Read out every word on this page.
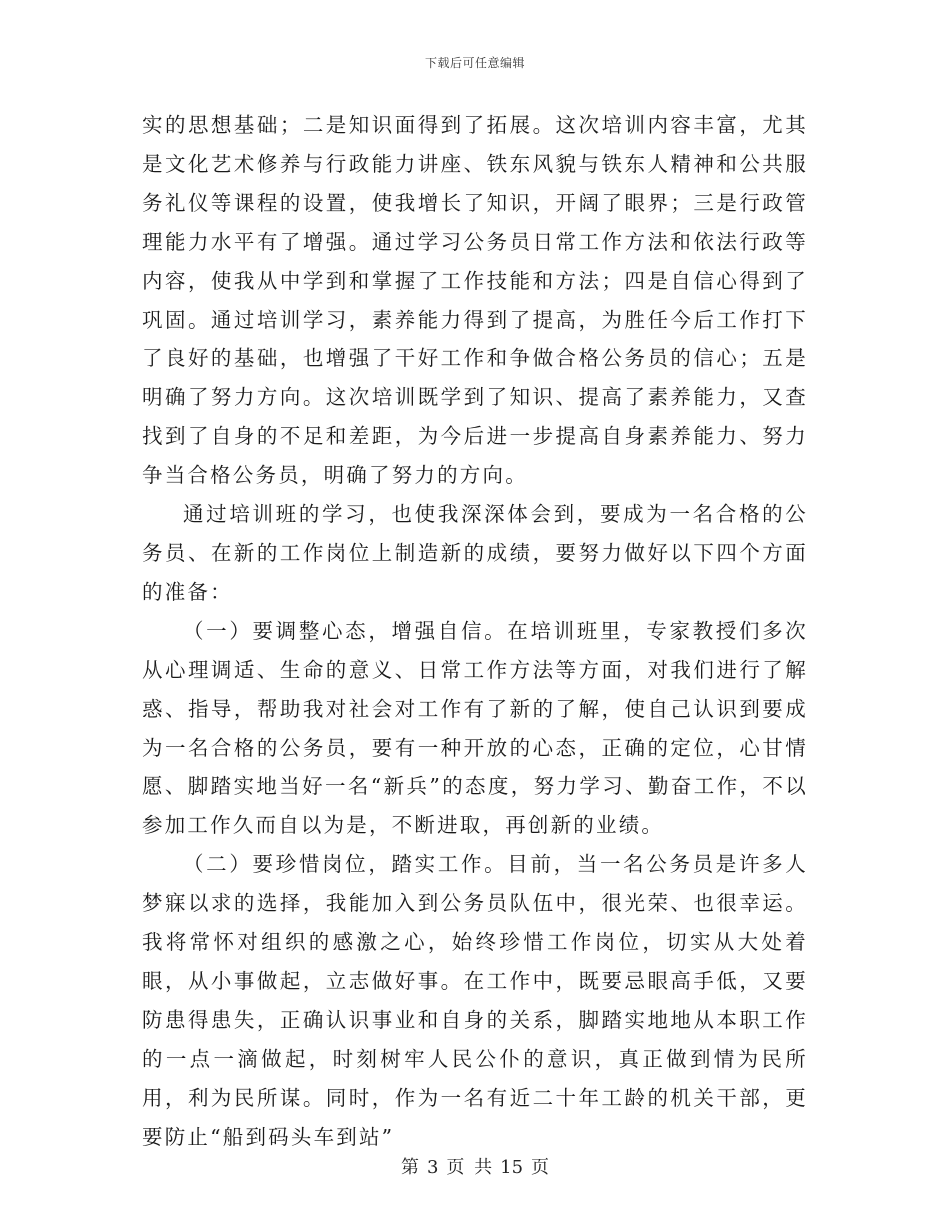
下载后可任意编辑

实的思想基础；二是知识面得到了拓展。这次培训内容丰富，尤其是文化艺术修养与行政能力讲座、铁东风貌与铁东人精神和公共服务礼仪等课程的设置，使我增长了知识，开阔了眼界；三是行政管理能力水平有了增强。通过学习公务员日常工作方法和依法行政等内容，使我从中学到和掌握了工作技能和方法；四是自信心得到了巩固。通过培训学习，素养能力得到了提高，为胜任今后工作打下了良好的基础，也增强了干好工作和争做合格公务员的信心；五是明确了努力方向。这次培训既学到了知识、提高了素养能力，又查找到了自身的不足和差距，为今后进一步提高自身素养能力、努力争当合格公务员，明确了努力的方向。

通过培训班的学习，也使我深深体会到，要成为一名合格的公务员、在新的工作岗位上制造新的成绩，要努力做好以下四个方面的准备：

（一）要调整心态，增强自信。在培训班里，专家教授们多次从心理调适、生命的意义、日常工作方法等方面，对我们进行了解惑、指导，帮助我对社会对工作有了新的了解，使自己认识到要成为一名合格的公务员，要有一种开放的心态，正确的定位，心甘情愿、脚踏实地当好一名“新兵”的态度，努力学习、勤奋工作，不以参加工作久而自以为是，不断进取，再创新的业绩。

（二）要珍惜岗位，踏实工作。目前，当一名公务员是许多人梦寐以求的选择，我能加入到公务员队伍中，很光荣、也很幸运。我将常怀对组织的感激之心，始终珍惜工作岗位，切实从大处着眼，从小事做起，立志做好事。在工作中，既要忌眼高手低，又要防患得患失，正确认识事业和自身的关系，脚踏实地地从本职工作的一点一滴做起，时刻树牢人民公仆的意识，真正做到情为民所用，利为民所谋。同时，作为一名有近二十年工龄的机关干部，更要防止“船到码头车到站”

第 3 页 共 15 页
